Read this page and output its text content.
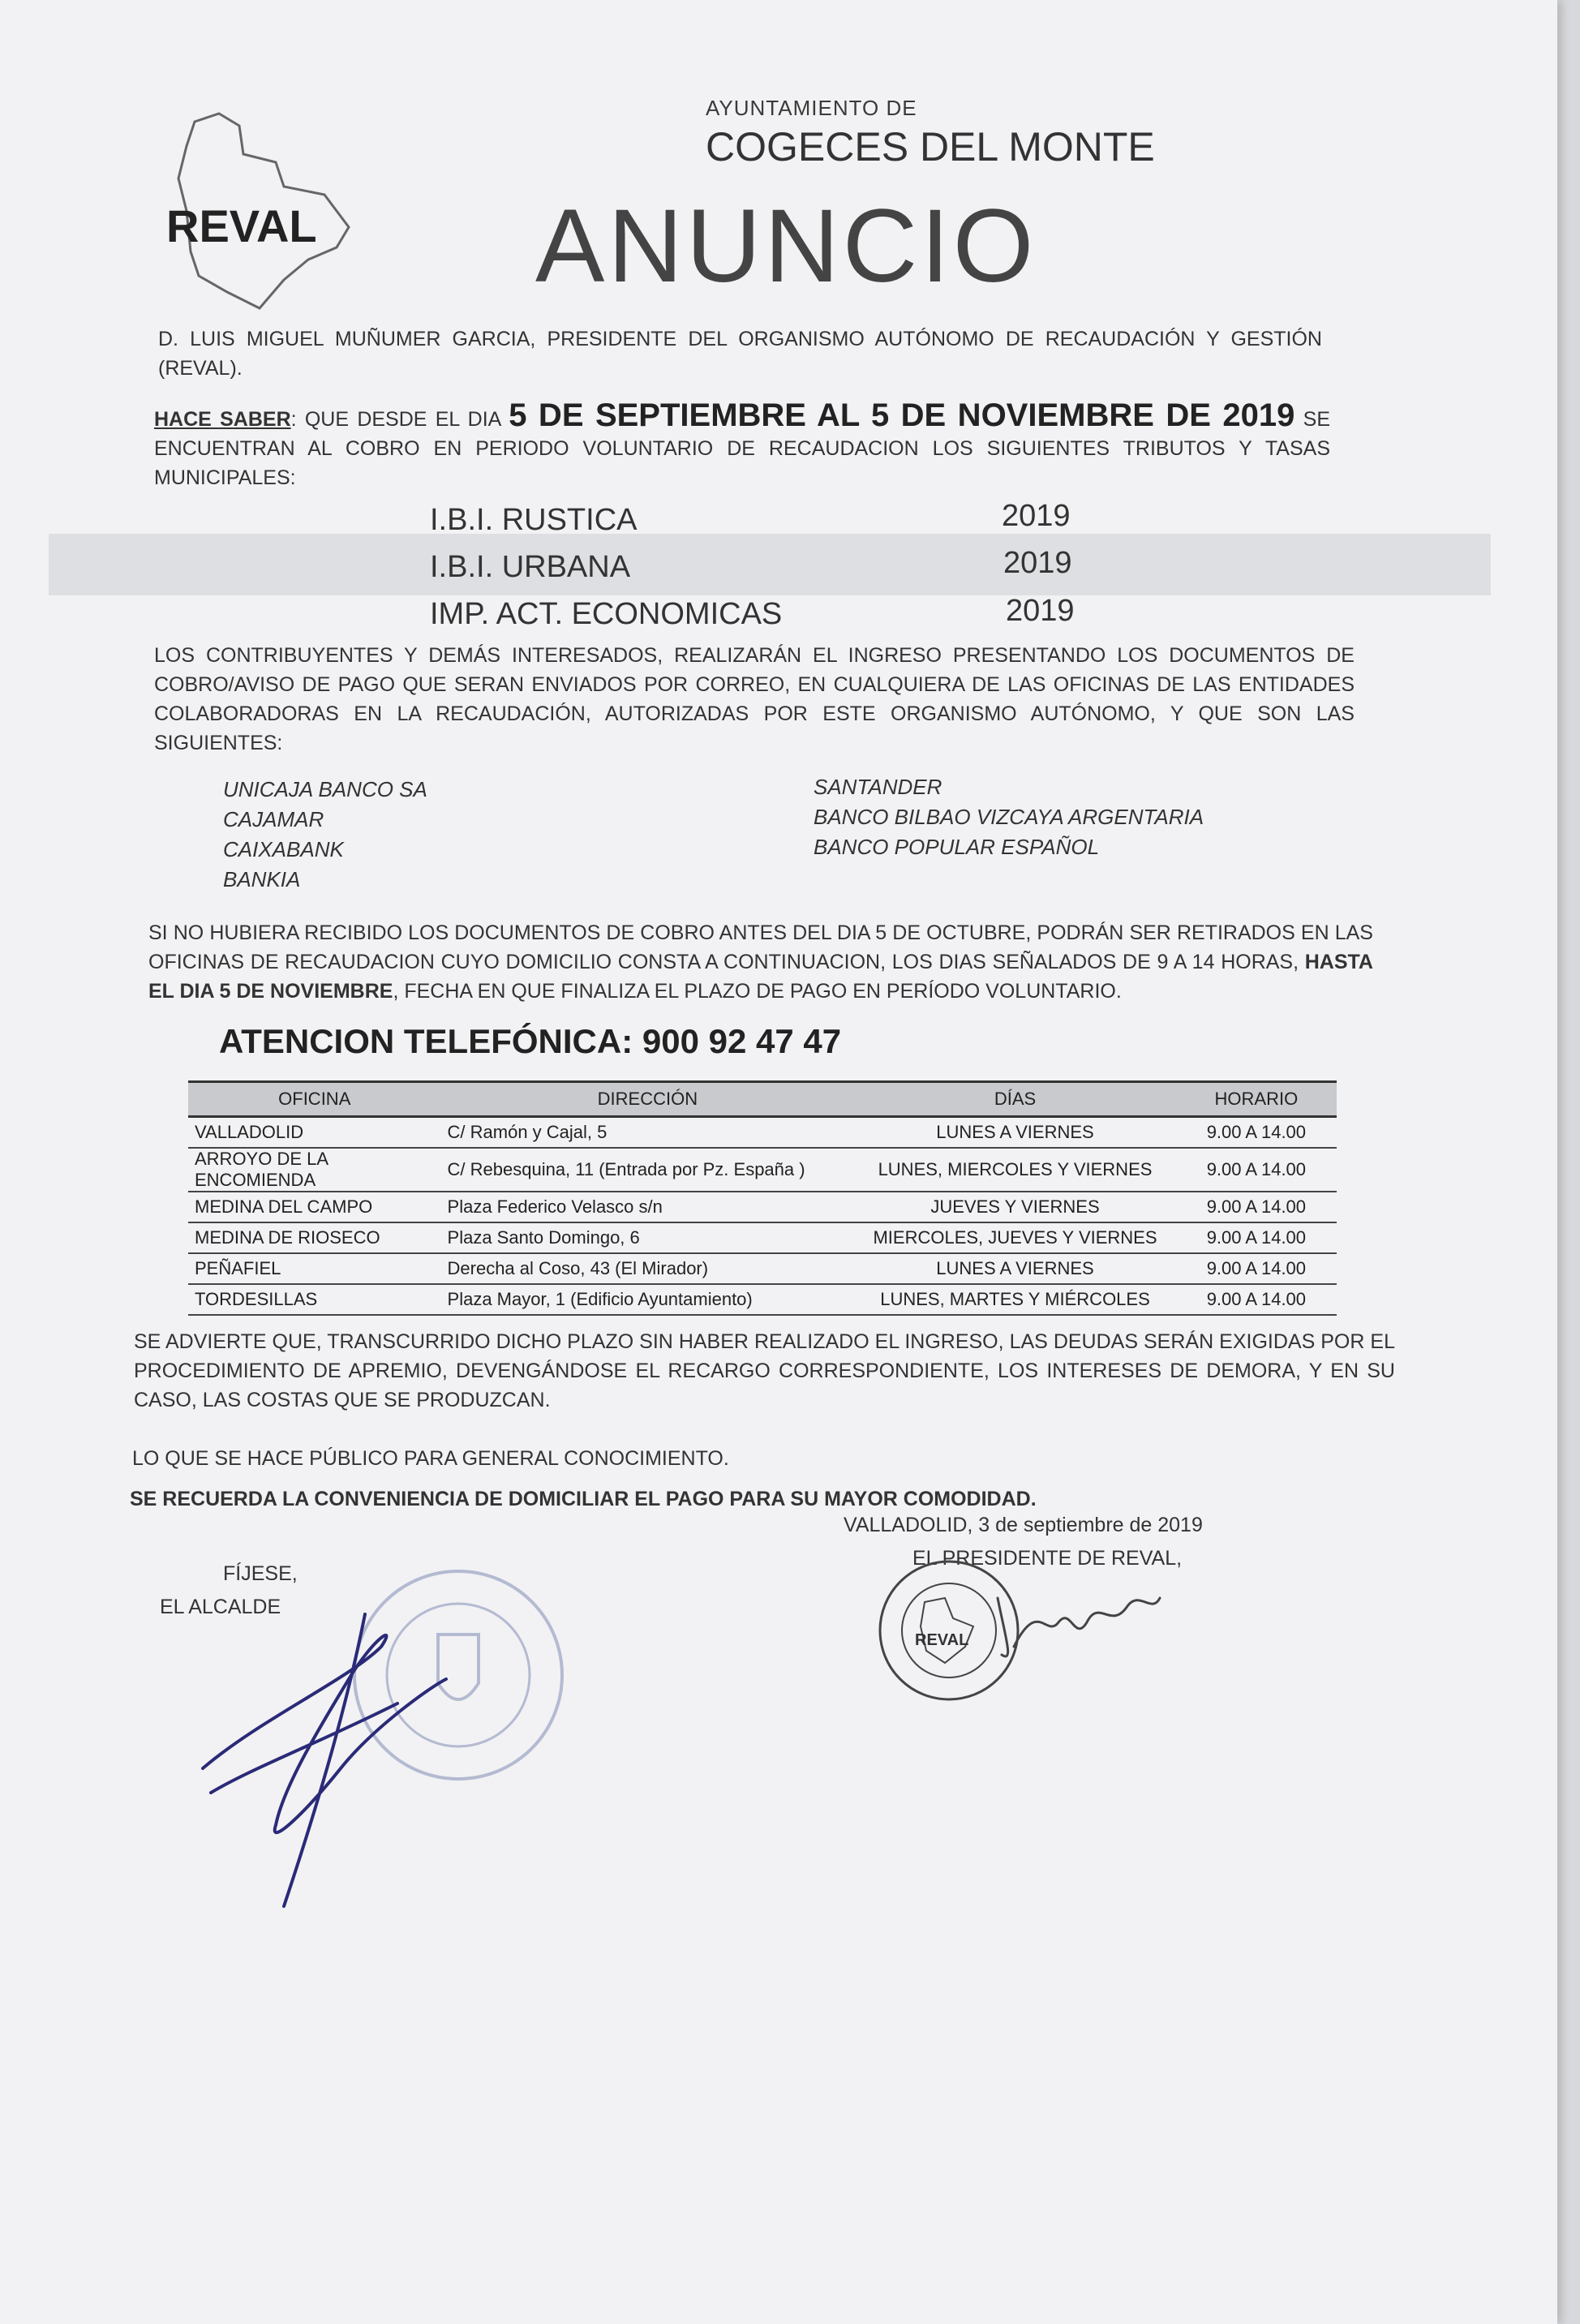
REVAL
AYUNTAMIENTO DE
COGECES DEL MONTE
ANUNCIO
D. LUIS MIGUEL MUÑUMER GARCIA, PRESIDENTE DEL ORGANISMO AUTÓNOMO DE RECAUDACIÓN Y GESTIÓN (REVAL).
HACE SABER: QUE DESDE EL DIA 5 DE SEPTIEMBRE AL 5 DE NOVIEMBRE DE 2019 SE ENCUENTRAN AL COBRO EN PERIODO VOLUNTARIO DE RECAUDACION LOS SIGUIENTES TRIBUTOS Y TASAS MUNICIPALES:
I.B.I. RUSTICA	2019
I.B.I. URBANA	2019
IMP. ACT. ECONOMICAS	2019
LOS CONTRIBUYENTES Y DEMÁS INTERESADOS, REALIZARÁN EL INGRESO PRESENTANDO LOS DOCUMENTOS DE COBRO/AVISO DE PAGO QUE SERAN ENVIADOS POR CORREO, EN CUALQUIERA DE LAS OFICINAS DE LAS ENTIDADES COLABORADORAS EN LA RECAUDACIÓN, AUTORIZADAS POR ESTE ORGANISMO AUTÓNOMO, Y QUE SON LAS SIGUIENTES:
UNICAJA BANCO SA
CAJAMAR
CAIXABANK
BANKIA
SANTANDER
BANCO BILBAO VIZCAYA ARGENTARIA
BANCO POPULAR ESPAÑOL
SI NO HUBIERA RECIBIDO LOS DOCUMENTOS DE COBRO ANTES DEL DIA 5 DE OCTUBRE, PODRÁN SER RETIRADOS EN LAS OFICINAS DE RECAUDACION CUYO DOMICILIO CONSTA A CONTINUACION, LOS DIAS SEÑALADOS DE 9 A 14 HORAS, HASTA EL DIA 5 DE NOVIEMBRE, FECHA EN QUE FINALIZA EL PLAZO DE PAGO EN PERÍODO VOLUNTARIO.
ATENCION TELEFÓNICA: 900 92 47 47
OFICINA	DIRECCIÓN	DÍAS	HORARIO
VALLADOLID	C/ Ramón y Cajal, 5	LUNES A VIERNES	9.00 A 14.00
ARROYO DE LA ENCOMIENDA	C/ Rebesquina, 11 (Entrada por Pz. España )	LUNES, MIERCOLES Y VIERNES	9.00 A 14.00
MEDINA DEL CAMPO	Plaza Federico Velasco s/n	JUEVES Y VIERNES	9.00 A 14.00
MEDINA DE RIOSECO	Plaza Santo Domingo, 6	MIERCOLES, JUEVES Y VIERNES	9.00 A 14.00
PEÑAFIEL	Derecha al Coso, 43 (El Mirador)	LUNES A VIERNES	9.00 A 14.00
TORDESILLAS	Plaza Mayor, 1 (Edificio Ayuntamiento)	LUNES, MARTES Y MIÉRCOLES	9.00 A 14.00
SE ADVIERTE QUE, TRANSCURRIDO DICHO PLAZO SIN HABER REALIZADO EL INGRESO, LAS DEUDAS SERÁN EXIGIDAS POR EL PROCEDIMIENTO DE APREMIO, DEVENGÁNDOSE EL RECARGO CORRESPONDIENTE, LOS INTERESES DE DEMORA, Y EN SU CASO, LAS COSTAS QUE SE PRODUZCAN.
LO QUE SE HACE PÚBLICO PARA GENERAL CONOCIMIENTO.
SE RECUERDA LA CONVENIENCIA DE DOMICILIAR EL PAGO PARA SU MAYOR COMODIDAD.
VALLADOLID, 3 de septiembre de 2019
EL PRESIDENTE DE REVAL,
FÍJESE,
EL ALCALDE
REVAL
